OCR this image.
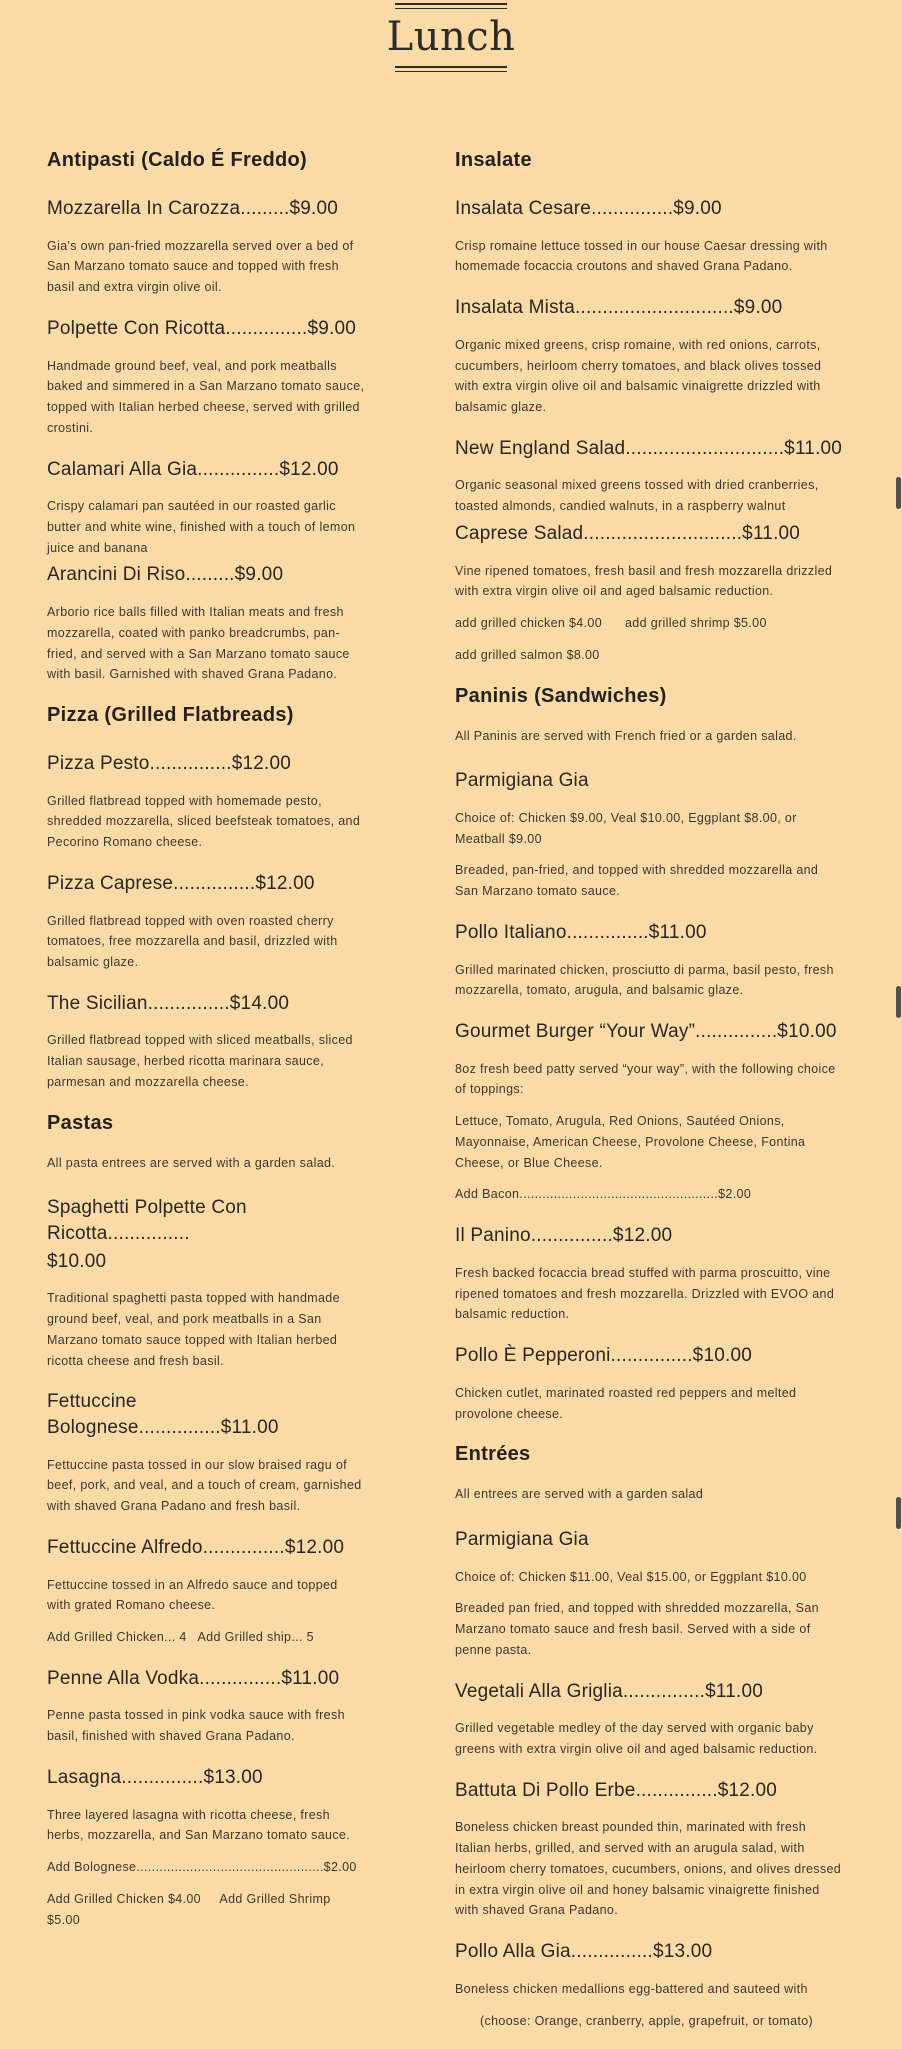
Lunch
Antipasti (Caldo É Freddo)
Mozzarella In Carozza.........$9.00

Gia's own pan-fried mozzarella served over a bed of San Marzano tomato sauce and topped with fresh basil and extra virgin olive oil.

Polpette Con Ricotta...............$9.00

Handmade ground beef, veal, and pork meatballs baked and simmered in a San Marzano tomato sauce, topped with Italian herbed cheese, served with grilled crostini.

Calamari Alla Gia...............$12.00

Crispy calamari pan sautéed in our roasted garlic butter and white wine, finished with a touch of lemon juice and banana

Arancini Di Riso.........$9.00

Arborio rice balls filled with Italian meats and fresh mozzarella, coated with panko breadcrumbs, pan-fried, and served with a San Marzano tomato sauce with basil. Garnished with shaved Grana Padano.

Pizza (Grilled Flatbreads)
Pizza Pesto...............$12.00

Grilled flatbread topped with homemade pesto, shredded mozzarella, sliced beefsteak tomatoes, and Pecorino Romano cheese.

Pizza Caprese...............$12.00

Grilled flatbread topped with oven roasted cherry tomatoes, free mozzarella and basil, drizzled with balsamic glaze.

The Sicilian...............$14.00

Grilled flatbread topped with sliced meatballs, sliced Italian sausage, herbed ricotta marinara sauce, parmesan and mozzarella cheese.

Pastas
All pasta entrees are served with a garden salad.
Spaghetti Polpette Con Ricotta...............
$10.00

Traditional spaghetti pasta topped with handmade ground beef, veal, and pork meatballs in a San Marzano tomato sauce topped with Italian herbed ricotta cheese and fresh basil.

Fettuccine Bolognese...............$11.00

Fettuccine pasta tossed in our slow braised ragu of beef, pork, and veal, and a touch of cream, garnished with shaved Grana Padano and fresh basil.

Fettuccine Alfredo...............$12.00

Fettuccine tossed in an Alfredo sauce and topped with grated Romano cheese.

Add Grilled Chicken... 4   Add Grilled ship... 5
Penne Alla Vodka...............$11.00

Penne pasta tossed in pink vodka sauce with fresh basil, finished with shaved Grana Padano.

Lasagna...............$13.00

Three layered lasagna with ricotta cheese, fresh herbs, mozzarella, and San Marzano tomato sauce.

Add Bolognese.................................................$2.00
Add Grilled Chicken $4.00     Add Grilled Shrimp $5.00
Insalate
Insalata Cesare...............$9.00

Crisp romaine lettuce tossed in our house Caesar dressing with homemade focaccia croutons and shaved Grana Padano.

Insalata Mista.............................$9.00

Organic mixed greens, crisp romaine, with red onions, carrots, cucumbers, heirloom cherry tomatoes, and black olives tossed with extra virgin olive oil and balsamic vinaigrette drizzled with balsamic glaze.

New England Salad.............................$11.00

Organic seasonal mixed greens tossed with dried cranberries, toasted almonds, candied walnuts, in a raspberry walnut

Caprese Salad.............................$11.00

Vine ripened tomatoes, fresh basil and fresh mozzarella drizzled with extra virgin olive oil and aged balsamic reduction.

add grilled chicken $4.00      add grilled shrimp $5.00
add grilled salmon $8.00
Paninis (Sandwiches)
All Paninis are served with French fried or a garden salad.
Parmigiana Gia

Choice of: Chicken $9.00, Veal $10.00, Eggplant $8.00, or Meatball $9.00

Breaded, pan-fried, and topped with shredded mozzarella and San Marzano tomato sauce.

Pollo Italiano...............$11.00

Grilled marinated chicken, prosciutto di parma, basil pesto, fresh mozzarella, tomato, arugula, and balsamic glaze.

Gourmet Burger “Your Way”...............$10.00

8oz fresh beed patty served “your way”, with the following choice of toppings:

Lettuce, Tomato, Arugula, Red Onions, Sautéed Onions, Mayonnaise, American Cheese, Provolone Cheese, Fontina Cheese, or Blue Cheese.

Add Bacon....................................................$2.00
Il Panino...............$12.00

Fresh backed focaccia bread stuffed with parma proscuitto, vine ripened tomatoes and fresh mozzarella. Drizzled with EVOO and balsamic reduction.

Pollo È Pepperoni...............$10.00

Chicken cutlet, marinated roasted red peppers and melted provolone cheese.

Entrées
All entrees are served with a garden salad
Parmigiana Gia

Choice of: Chicken $11.00, Veal $15.00, or Eggplant $10.00

Breaded pan fried, and topped with shredded mozzarella, San Marzano tomato sauce and fresh basil. Served with a side of penne pasta.

Vegetali Alla Griglia...............$11.00

Grilled vegetable medley of the day served with organic baby greens with extra virgin olive oil and aged balsamic reduction.

Battuta Di Pollo Erbe...............$12.00

Boneless chicken breast pounded thin, marinated with fresh Italian herbs, grilled, and served with an arugula salad, with heirloom cherry tomatoes, cucumbers, onions, and olives dressed in extra virgin olive oil and honey balsamic vinaigrette finished with shaved Grana Padano.

Pollo Alla Gia...............$13.00

Boneless chicken medallions egg-battered and sauteed with

(choose: Orange, cranberry, apple, grapefruit, or tomato)
